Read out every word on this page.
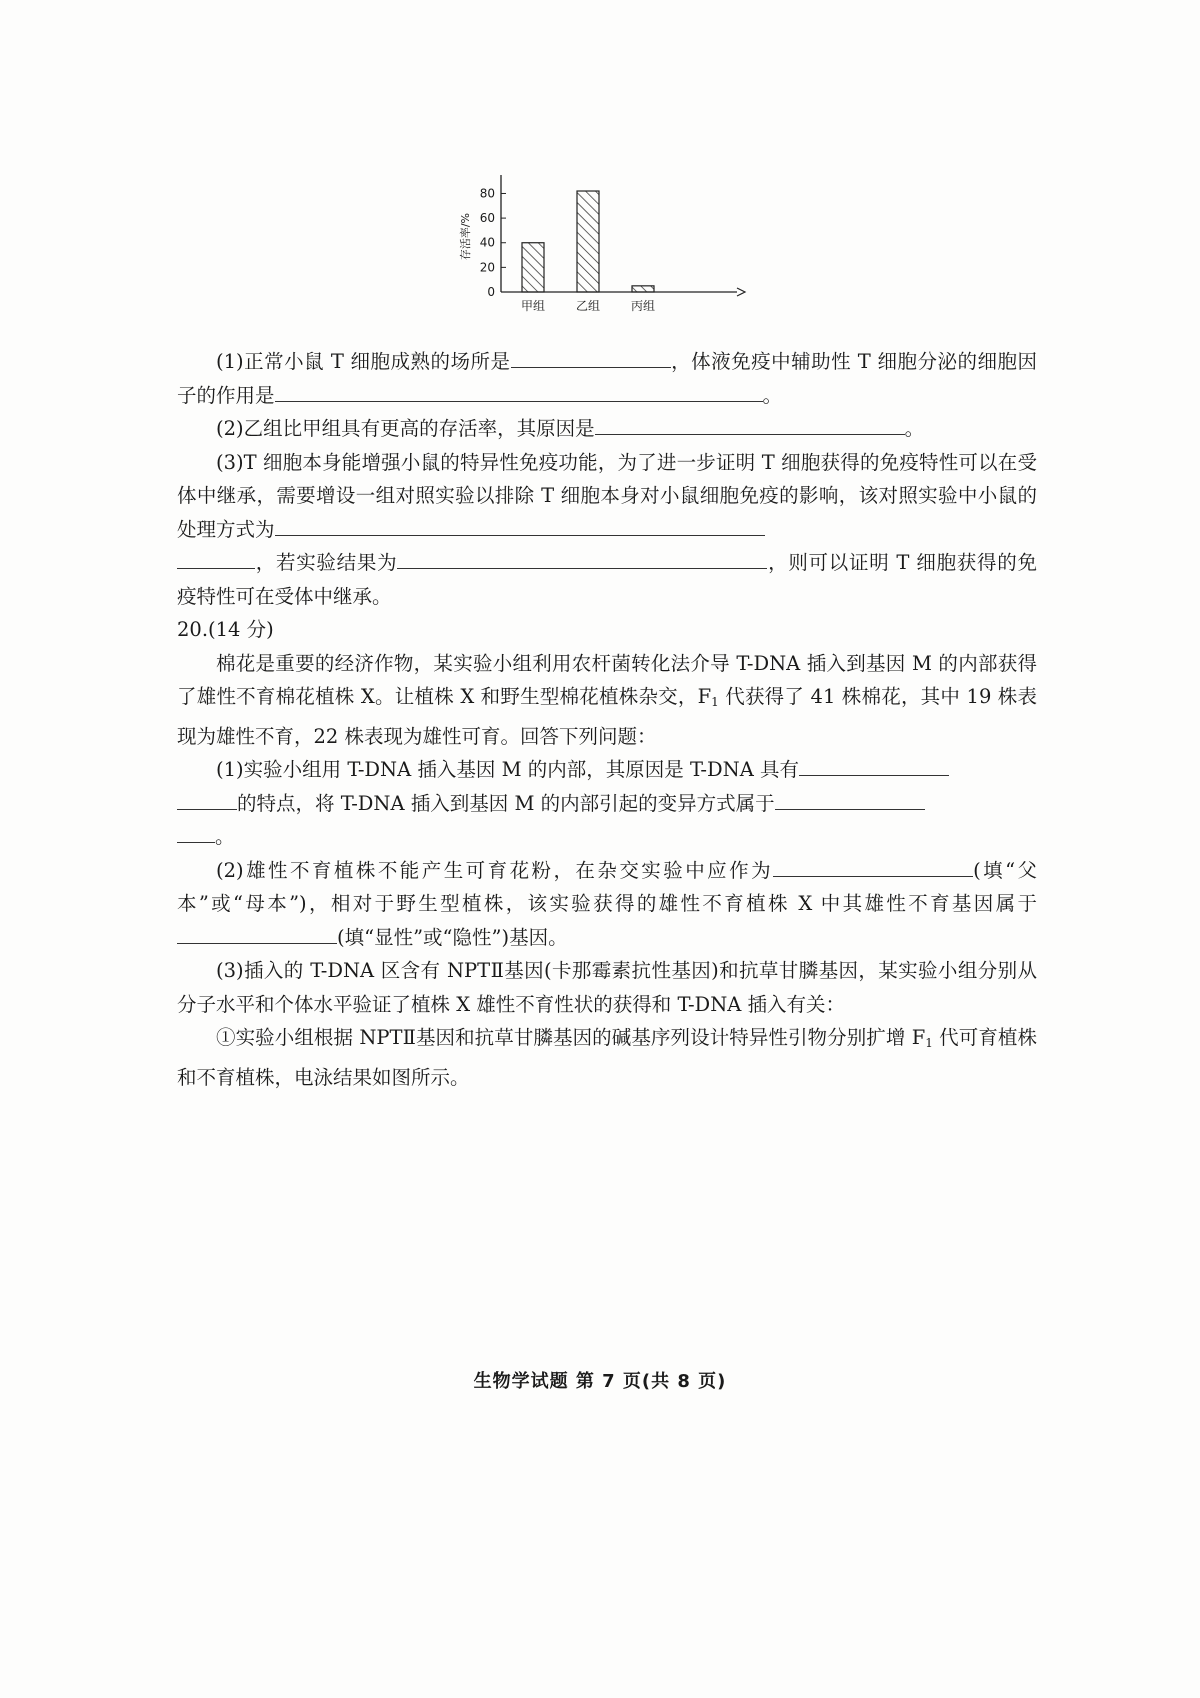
0
20
40
60
80
存活率/%
甲组	乙组	丙组

(1)正常小鼠 T 细胞成熟的场所是	，体液免疫中辅助性 T 细胞分泌的细胞因子的作用是	。

(2)乙组比甲组具有更高的存活率，其原因是	。

(3)T 细胞本身能增强小鼠的特异性免疫功能，为了进一步证明 T 细胞获得的免疫特性可以在受体中继承，需要增设一组对照实验以排除 T 细胞本身对小鼠细胞免疫的影响，该对照实验中小鼠的处理方式为
，若实验结果为	，则可以证明 T 细胞获得的免疫特性可在受体中继承。

20.(14 分)

棉花是重要的经济作物，某实验小组利用农杆菌转化法介导 T-DNA 插入到基因 M 的内部获得了雄性不育棉花植株 X。让植株 X 和野生型棉花植株杂交，$F_1$ 代获得了 41 株棉花，其中 19 株表现为雄性不育，22 株表现为雄性可育。回答下列问题：

(1)实验小组用 T-DNA 插入基因 M 的内部，其原因是 T-DNA 具有
的特点，将 T-DNA 插入到基因 M 的内部引起的变异方式属于
。

(2)雄性不育植株不能产生可育花粉，在杂交实验中应作为	(填“父本”或“母本”)，相对于野生型植株，该实验获得的雄性不育植株 X 中其雄性不育基因属于(填“显性”或“隐性”)基因。

(3)插入的 T-DNA 区含有 NPTⅡ基因(卡那霉素抗性基因)和抗草甘膦基因，某实验小组分别从分子水平和个体水平验证了植株 X 雄性不育性状的获得和 T-DNA 插入有关：

①实验小组根据 NPTⅡ基因和抗草甘膦基因的碱基序列设计特异性引物分别扩增 $F_1$ 代可育植株和不育植株，电泳结果如图所示。

生物学试题 第 7 页(共 8 页)
